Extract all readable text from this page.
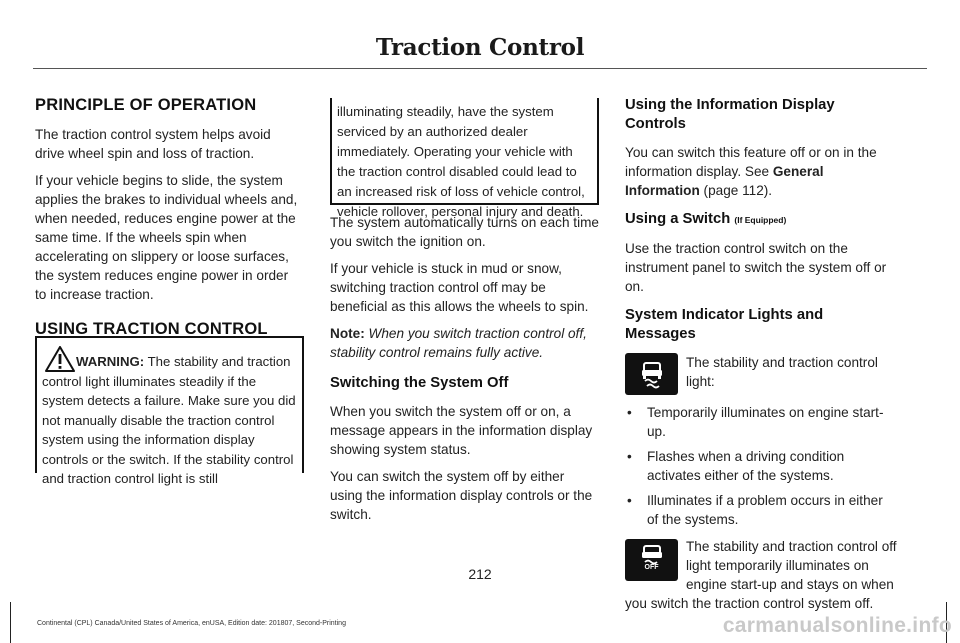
Traction Control
PRINCIPLE OF OPERATION

The traction control system helps avoid drive wheel spin and loss of traction.

If your vehicle begins to slide, the system applies the brakes to individual wheels and, when needed, reduces engine power at the same time. If the wheels spin when accelerating on slippery or loose surfaces, the system reduces engine power in order to increase traction.

USING TRACTION CONTROL
WARNING: The stability and traction control light illuminates steadily if the system detects a failure. Make sure you did not manually disable the traction control system using the information display controls or the switch. If the stability control and traction control light is still
illuminating steadily, have the system serviced by an authorized dealer immediately. Operating your vehicle with the traction control disabled could lead to an increased risk of loss of vehicle control, vehicle rollover, personal injury and death.

The system automatically turns on each time you switch the ignition on.

If your vehicle is stuck in mud or snow, switching traction control off may be beneficial as this allows the wheels to spin.

Note: When you switch traction control off, stability control remains fully active.

Switching the System Off

When you switch the system off or on, a message appears in the information display showing system status.

You can switch the system off by either using the information display controls or the switch.

Using the Information Display Controls

You can switch this feature off or on in the information display. See General Information (page 112).

Using a Switch (If Equipped)

Use the traction control switch on the instrument panel to switch the system off or on.

System Indicator Lights and Messages
The stability and traction control light:
• Temporarily illuminates on engine start-up.
• Flashes when a driving condition activates either of the systems.
• Illuminates if a problem occurs in either of the systems.
OFF

The stability and traction control off light temporarily illuminates on engine start-up and stays on when you switch the traction control system off.

212
Continental (CPL) Canada/United States of America, enUSA, Edition date: 201807, Second-Printing	carmanualsonline.info
